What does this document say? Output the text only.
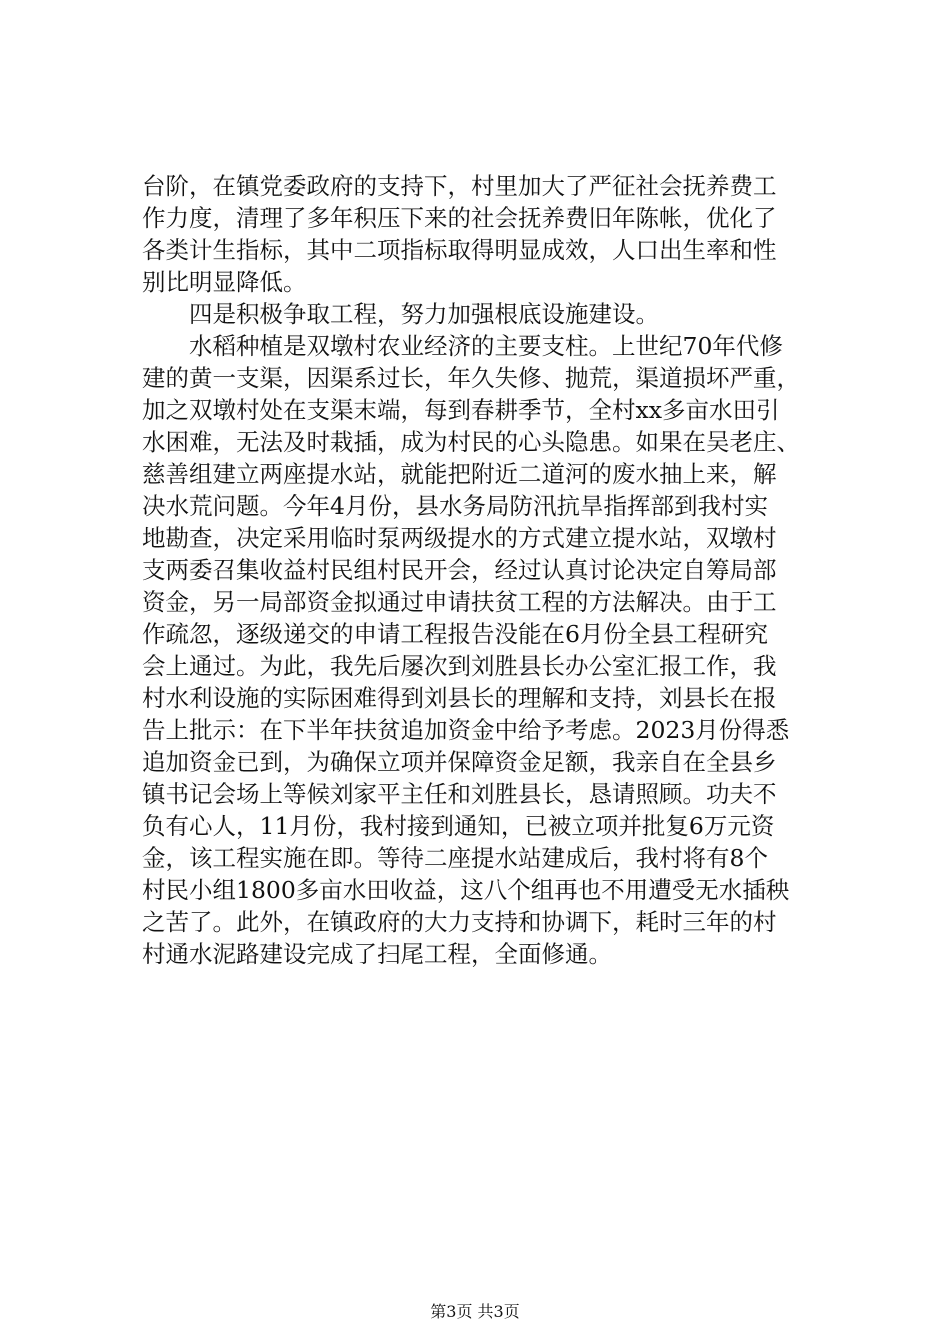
台阶，在镇党委政府的支持下，村里加大了严征社会抚养费工
作力度，清理了多年积压下来的社会抚养费旧年陈帐，优化了
各类计生指标，其中二项指标取得明显成效，人口出生率和性
别比明显降低。
　　四是积极争取工程，努力加强根底设施建设。
　　水稻种植是双墩村农业经济的主要支柱。上世纪70年代修
建的黄一支渠，因渠系过长，年久失修、抛荒，渠道损坏严重，
加之双墩村处在支渠末端，每到春耕季节，全村xx多亩水田引
水困难，无法及时栽插，成为村民的心头隐患。如果在吴老庄、
慈善组建立两座提水站，就能把附近二道河的废水抽上来，解
决水荒问题。今年4月份，县水务局防汛抗旱指挥部到我村实
地勘查，决定采用临时泵两级提水的方式建立提水站，双墩村
支两委召集收益村民组村民开会，经过认真讨论决定自筹局部
资金，另一局部资金拟通过申请扶贫工程的方法解决。由于工
作疏忽，逐级递交的申请工程报告没能在6月份全县工程研究
会上通过。为此，我先后屡次到刘胜县长办公室汇报工作，我
村水利设施的实际困难得到刘县长的理解和支持，刘县长在报
告上批示：在下半年扶贫追加资金中给予考虑。2023月份得悉
追加资金已到，为确保立项并保障资金足额，我亲自在全县乡
镇书记会场上等候刘家平主任和刘胜县长，恳请照顾。功夫不
负有心人，11月份，我村接到通知，已被立项并批复6万元资
金，该工程实施在即。等待二座提水站建成后，我村将有8个
村民小组1800多亩水田收益，这八个组再也不用遭受无水插秧
之苦了。此外，在镇政府的大力支持和协调下，耗时三年的村
村通水泥路建设完成了扫尾工程，全面修通。
第3页 共3页
